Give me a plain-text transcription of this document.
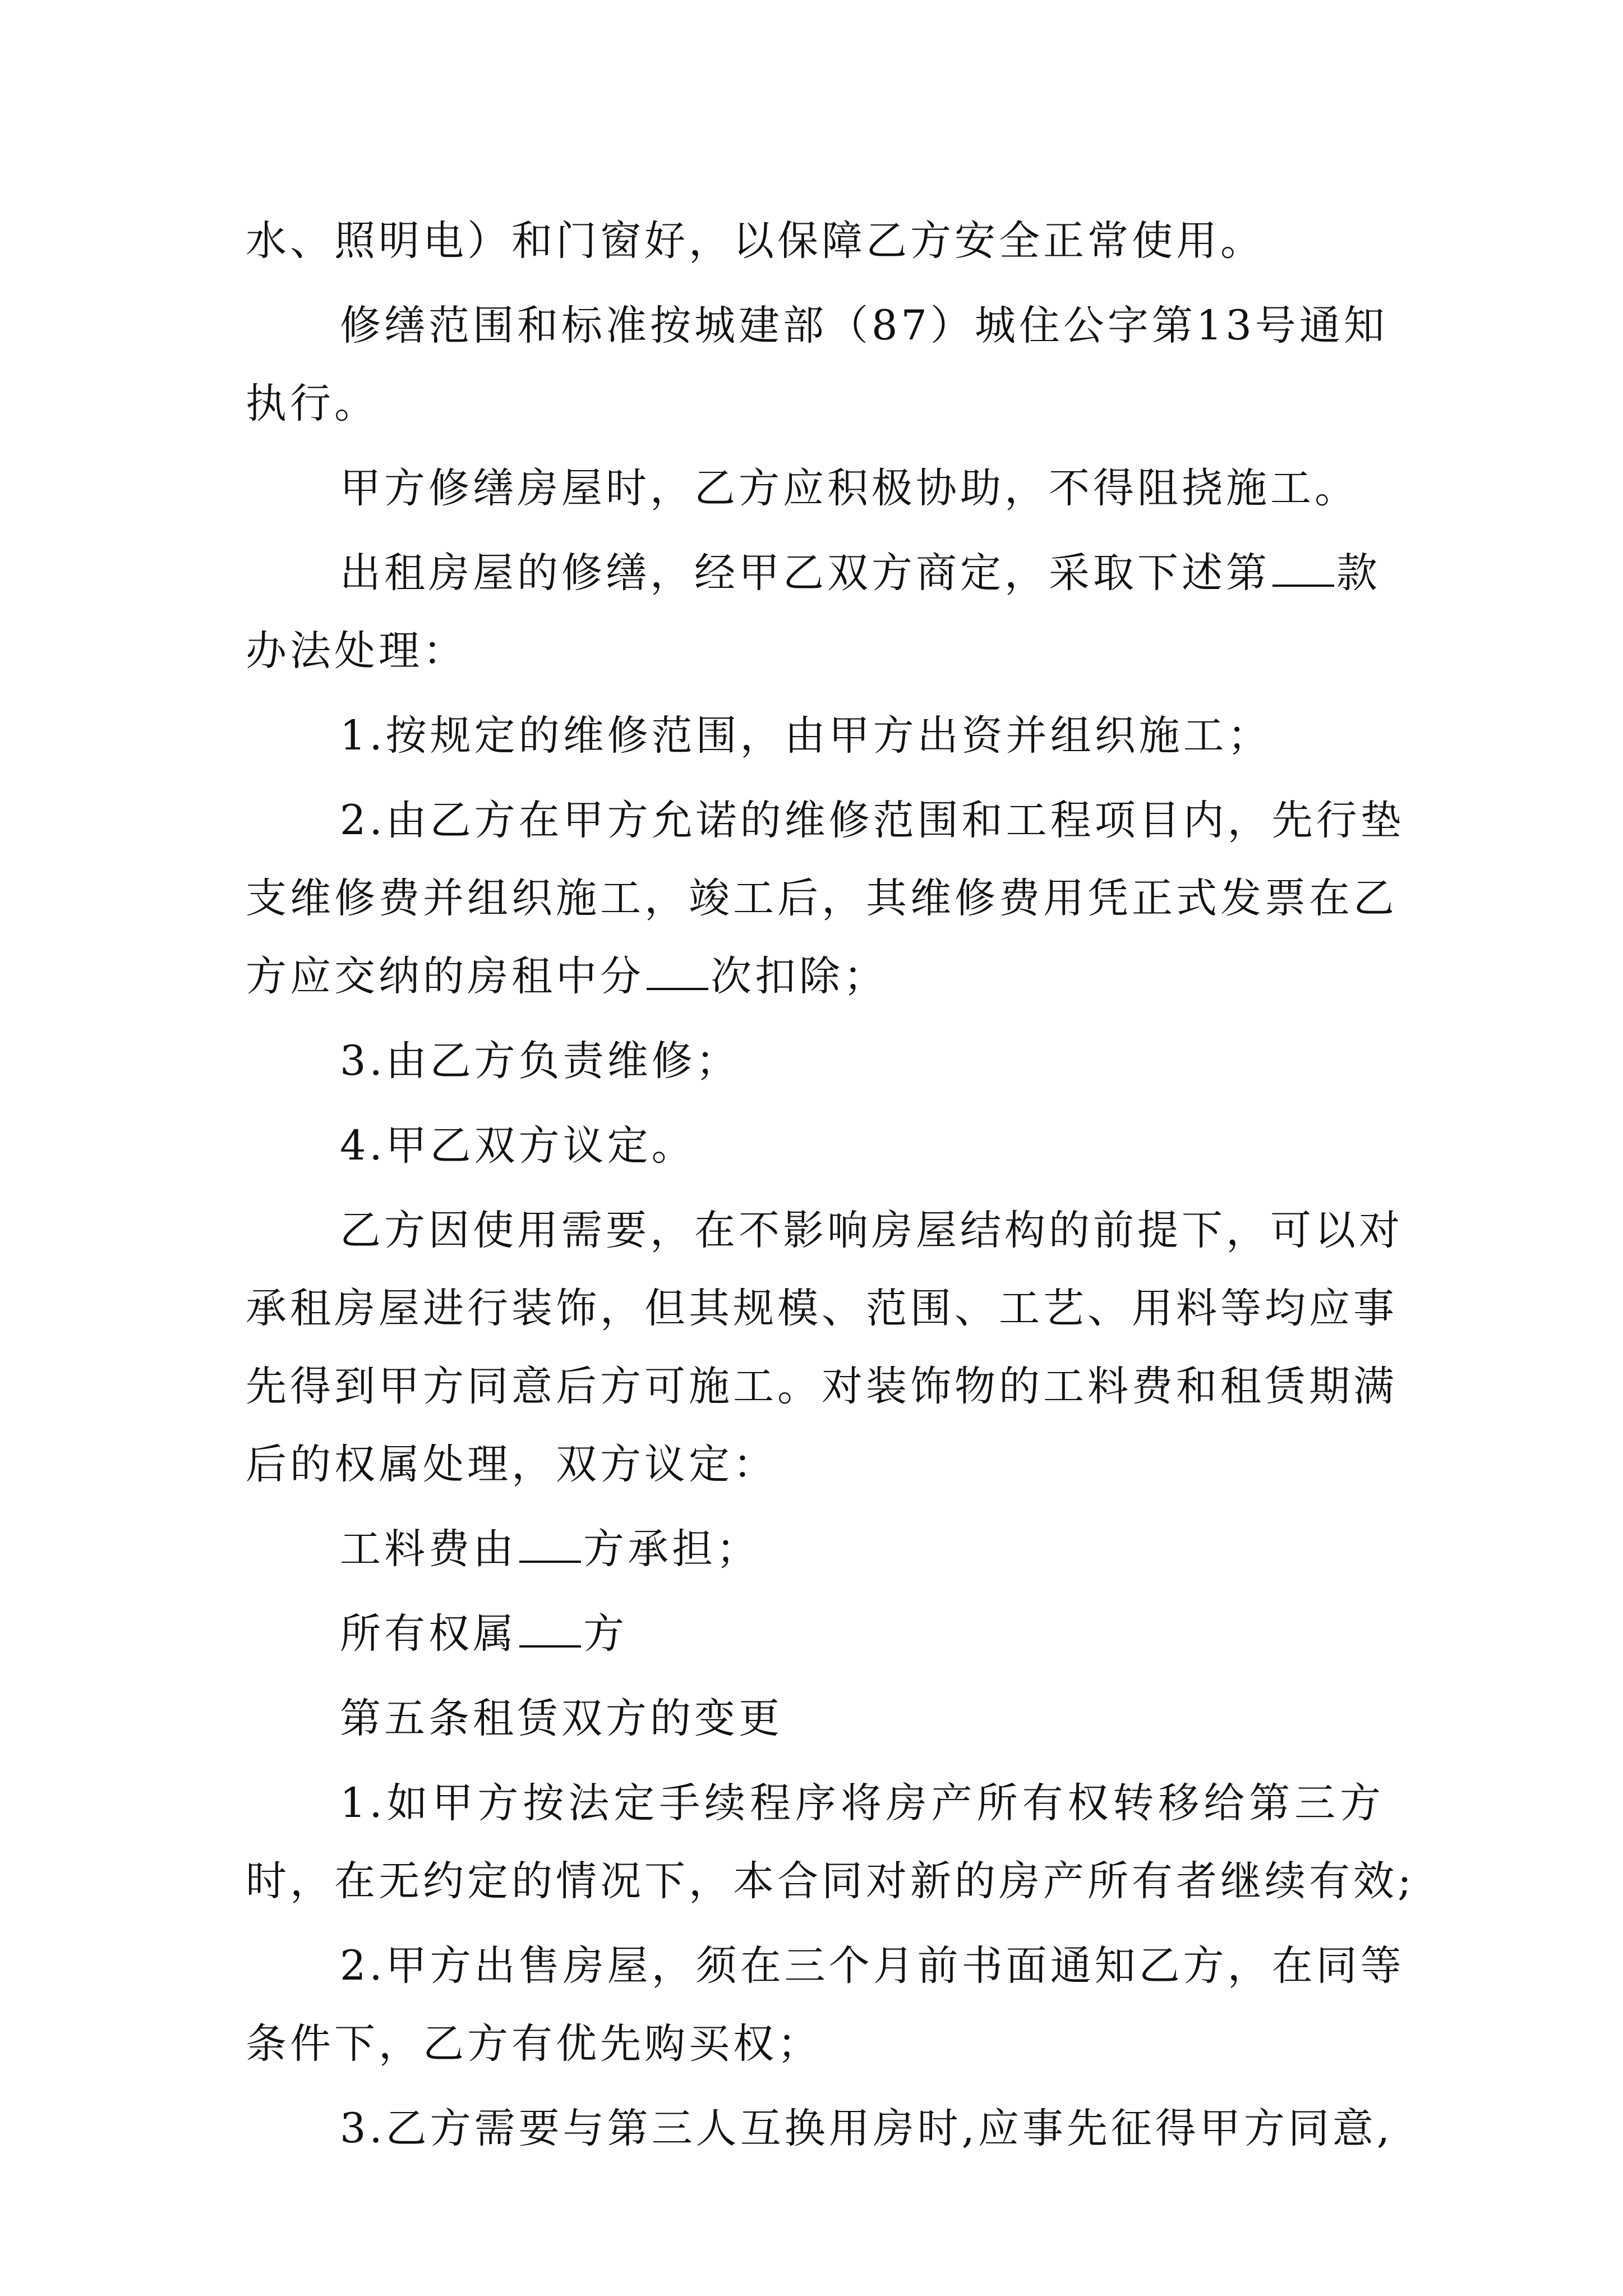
水、照明电）和门窗好，以保障乙方安全正常使用。

修缮范围和标准按城建部（87）城住公字第13号通知

执行。

甲方修缮房屋时，乙方应积极协助，不得阻挠施工。

出租房屋的修缮，经甲乙双方商定，采取下述第 款

办法处理：

1.按规定的维修范围，由甲方出资并组织施工；

2.由乙方在甲方允诺的维修范围和工程项目内，先行垫

支维修费并组织施工，竣工后，其维修费用凭正式发票在乙

方应交纳的房租中分 次扣除；

3.由乙方负责维修；

4.甲乙双方议定。

乙方因使用需要，在不影响房屋结构的前提下，可以对

承租房屋进行装饰，但其规模、范围、工艺、用料等均应事

先得到甲方同意后方可施工。对装饰物的工料费和租赁期满

后的权属处理，双方议定：

工料费由 方承担；

所有权属 方

第五条租赁双方的变更

1.如甲方按法定手续程序将房产所有权转移给第三方

时，在无约定的情况下，本合同对新的房产所有者继续有效;

2.甲方出售房屋，须在三个月前书面通知乙方，在同等

条件下，乙方有优先购买权；

3.乙方需要与第三人互换用房时,应事先征得甲方同意,
